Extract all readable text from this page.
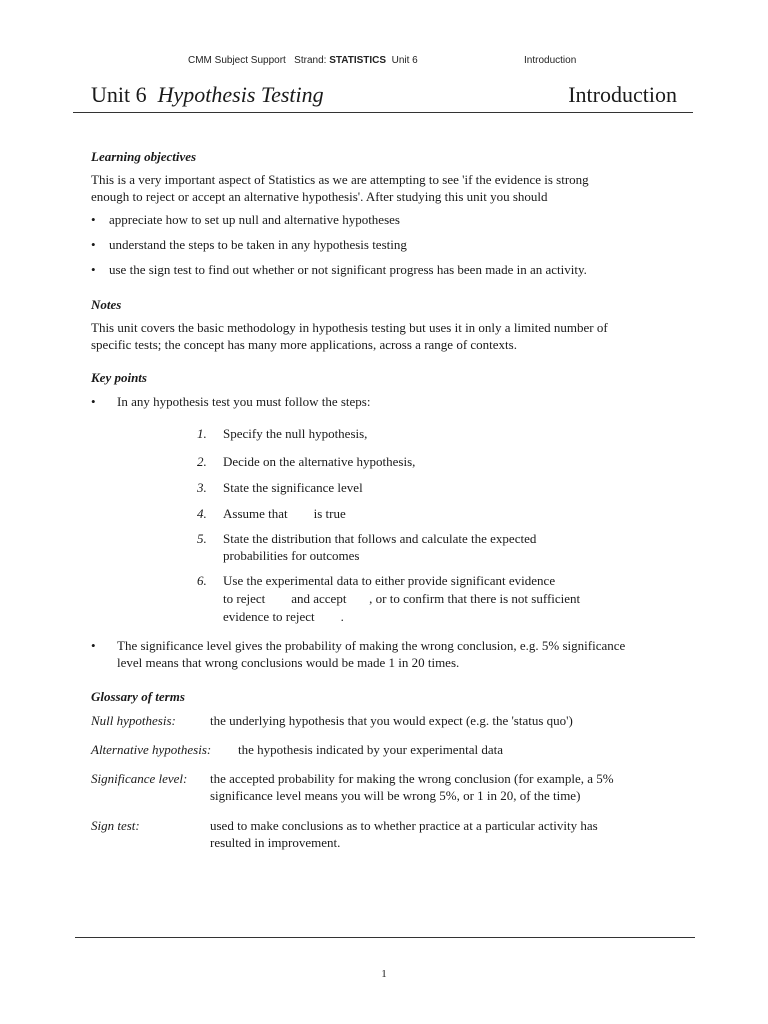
CMM Subject Support Strand: STATISTICS Unit 6	Introduction
Unit 6 Hypothesis Testing	Introduction
Learning objectives
This is a very important aspect of Statistics as we are attempting to see 'if the evidence is strong
enough to reject or accept an alternative hypothesis'. After studying this unit you should
• appreciate how to set up null and alternative hypotheses
• understand the steps to be taken in any hypothesis testing
• use the sign test to find out whether or not significant progress has been made in an activity.
Notes
This unit covers the basic methodology in hypothesis testing but uses it in only a limited number of
specific tests; the concept has many more applications, across a range of contexts.
Key points
• In any hypothesis test you must follow the steps:
1. Specify the null hypothesis,
2. Decide on the alternative hypothesis,
3. State the significance level
4. Assume that        is true
5. State the distribution that follows and calculate the expected
probabilities for outcomes
6. Use the experimental data to either provide significant evidence
to reject        and accept       , or to confirm that there is not sufficient
evidence to reject        .
• The significance level gives the probability of making the wrong conclusion, e.g. 5% significance
level means that wrong conclusions would be made 1 in 20 times.
Glossary of terms
Null hypothesis:	the underlying hypothesis that you would expect (e.g. the 'status quo')
Alternative hypothesis: the hypothesis indicated by your experimental data
Significance level: the accepted probability for making the wrong conclusion (for example, a 5%
significance level means you will be wrong 5%, or 1 in 20, of the time)
Sign test:	used to make conclusions as to whether practice at a particular activity has
resulted in improvement.
1
